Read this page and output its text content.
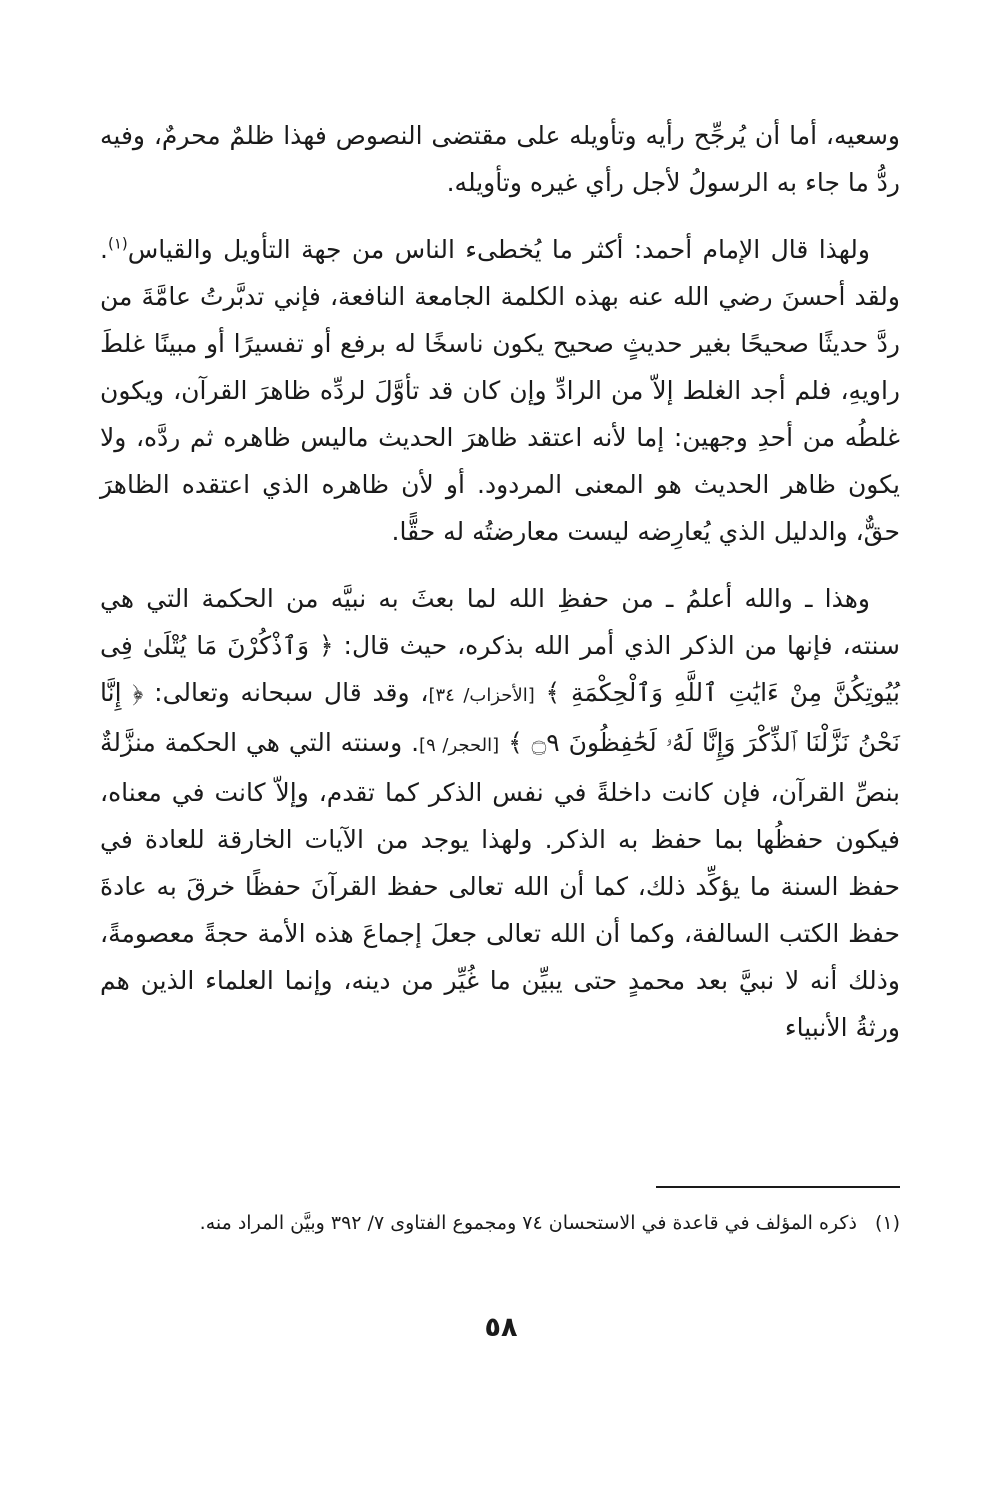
وسعيه، أما أن يُرجِّح رأيه وتأويله على مقتضى النصوص فهذا ظلمٌ محرمٌ، وفيه ردُّ ما جاء به الرسولُ لأجل رأي غيره وتأويله.

ولهذا قال الإمام أحمد: أكثر ما يُخطىء الناس من جهة التأويل والقياس$^{(١)}$. ولقد أحسنَ رضي الله عنه بهذه الكلمة الجامعة النافعة، فإني تدبَّرتُ عامَّةَ من ردَّ حديثًا صحيحًا بغير حديثٍ صحيح يكون ناسخًا له برفع أو تفسيرًا أو مبينًا غلطَ راويهِ، فلم أجد الغلط إلاّ من الرادِّ وإن كان قد تأوَّلَ لردِّه ظاهرَ القرآن، ويكون غلطُه من أحدِ وجهين: إما لأنه اعتقد ظاهرَ الحديث ماليس ظاهره ثم ردَّه، ولا يكون ظاهر الحديث هو المعنى المردود. أو لأن ظاهره الذي اعتقده الظاهرَ حقٌّ، والدليل الذي يُعارِضه ليست معارضتُه له حقًّا.

وهذا ـ والله أعلمُ ـ من حفظِ الله لما بعثَ به نبيَّه من الحكمة التي هي سنته، فإنها من الذكر الذي أمر الله بذكره، حيث قال: ﴿ وَٱذْكُرْنَ مَا يُتْلَىٰ فِى بُيُوتِكُنَّ مِنْ ءَايَٰتِ ٱللَّهِ وَٱلْحِكْمَةِ ﴾ [الأحزاب/ ٣٤]، وقد قال سبحانه وتعالى: ﴿ إِنَّا نَحْنُ نَزَّلْنَا ٱلذِّكْرَ وَإِنَّا لَهُۥ لَحَٰفِظُونَ ۝٩ ﴾ [الحجر/ ٩]. وسنته التي هي الحكمة منزَّلةٌ بنصِّ القرآن، فإن كانت داخلةً في نفس الذكر كما تقدم، وإلاّ كانت في معناه، فيكون حفظُها بما حفظ به الذكر. ولهذا يوجد من الآيات الخارقة للعادة في حفظ السنة ما يؤكِّد ذلك، كما أن الله تعالى حفظ القرآنَ حفظًا خرقَ به عادةَ حفظ الكتب السالفة، وكما أن الله تعالى جعلَ إجماعَ هذه الأمة حجةً معصومةً، وذلك أنه لا نبيَّ بعد محمدٍ حتى يبيِّن ما غُيِّر من دينه، وإنما العلماء الذين هم ورثةُ الأنبياء

(١)
ذكره المؤلف في قاعدة في الاستحسان ٧٤ ومجموع الفتاوى ٧/ ٣٩٢ وبيَّن المراد منه.
٥٨
